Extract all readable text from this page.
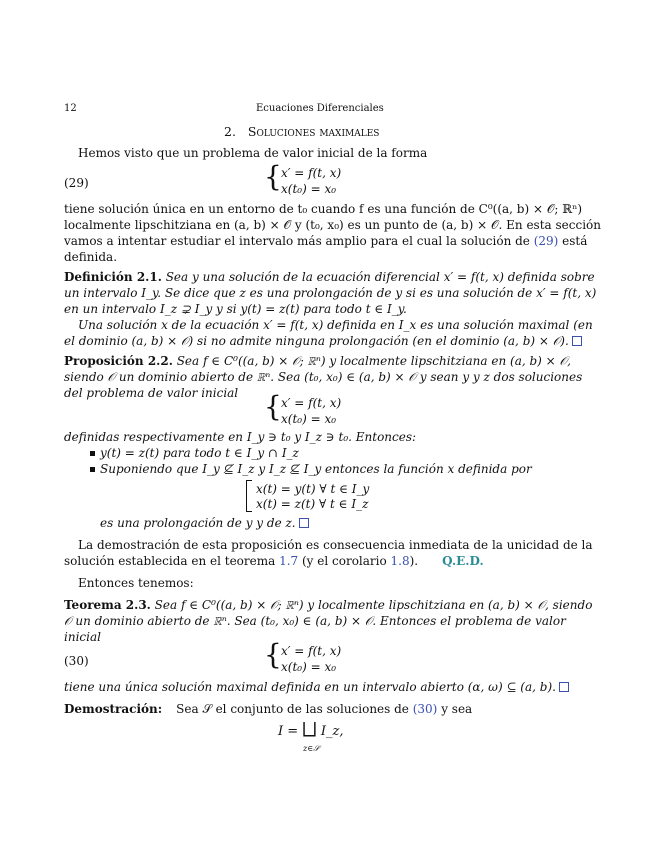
12	Ecuaciones Diferenciales
2. Soluciones maximales
Hemos visto que un problema de valor inicial de la forma
(29)	{ x′ = f(t, x)
x(t₀) = x₀
tiene solución única en un entorno de t₀ cuando f es una función de C⁰((a, b) × 𝒪; ℝⁿ)
localmente lipschitziana en (a, b) × 𝒪 y (t₀, x₀) es un punto de (a, b) × 𝒪. En esta sección
vamos a intentar estudiar el intervalo más amplio para el cual la solución de (29) está
definida.
Definición 2.1. Sea y una solución de la ecuación diferencial x′ = f(t, x) definida sobre
un intervalo I_y. Se dice que z es una prolongación de y si es una solución de x′ = f(t, x)
en un intervalo I_z ⊋ I_y y si y(t) = z(t) para todo t ∈ I_y.
Una solución x de la ecuación x′ = f(t, x) definida en I_x es una solución maximal (en
el dominio (a, b) × 𝒪) si no admite ninguna prolongación (en el dominio (a, b) × 𝒪).
Proposición 2.2. Sea f ∈ C⁰((a, b) × 𝒪; ℝⁿ) y localmente lipschitziana en (a, b) × 𝒪,
siendo 𝒪 un dominio abierto de ℝⁿ. Sea (t₀, x₀) ∈ (a, b) × 𝒪 y sean y y z dos soluciones
del problema de valor inicial { x′ = f(t, x)
x(t₀) = x₀
definidas respectivamente en I_y ∋ t₀ y I_z ∋ t₀. Entonces:
y(t) = z(t) para todo t ∈ I_y ∩ I_z
Suponiendo que I_y ⊈ I_z y I_z ⊈ I_y entonces la función x definida por
x(t) = y(t) ∀ t ∈ I_y
x(t) = z(t) ∀ t ∈ I_z
es una prolongación de y y de z.
La demostración de esta proposición es consecuencia inmediata de la unicidad de la
solución establecida en el teorema 1.7 (y el corolario 1.8). Q.E.D.
Entonces tenemos:
Teorema 2.3. Sea f ∈ C⁰((a, b) × 𝒪; ℝⁿ) y localmente lipschitziana en (a, b) × 𝒪, siendo
𝒪 un dominio abierto de ℝⁿ. Sea (t₀, x₀) ∈ (a, b) × 𝒪. Entonces el problema de valor
inicial
(30)	{ x′ = f(t, x)
x(t₀) = x₀
tiene una única solución maximal definida en un intervalo abierto (α, ω) ⊆ (a, b).
Demostración: Sea 𝒮 el conjunto de las soluciones de (30) y sea
I = ⨆ I_z,
z∈𝒮
